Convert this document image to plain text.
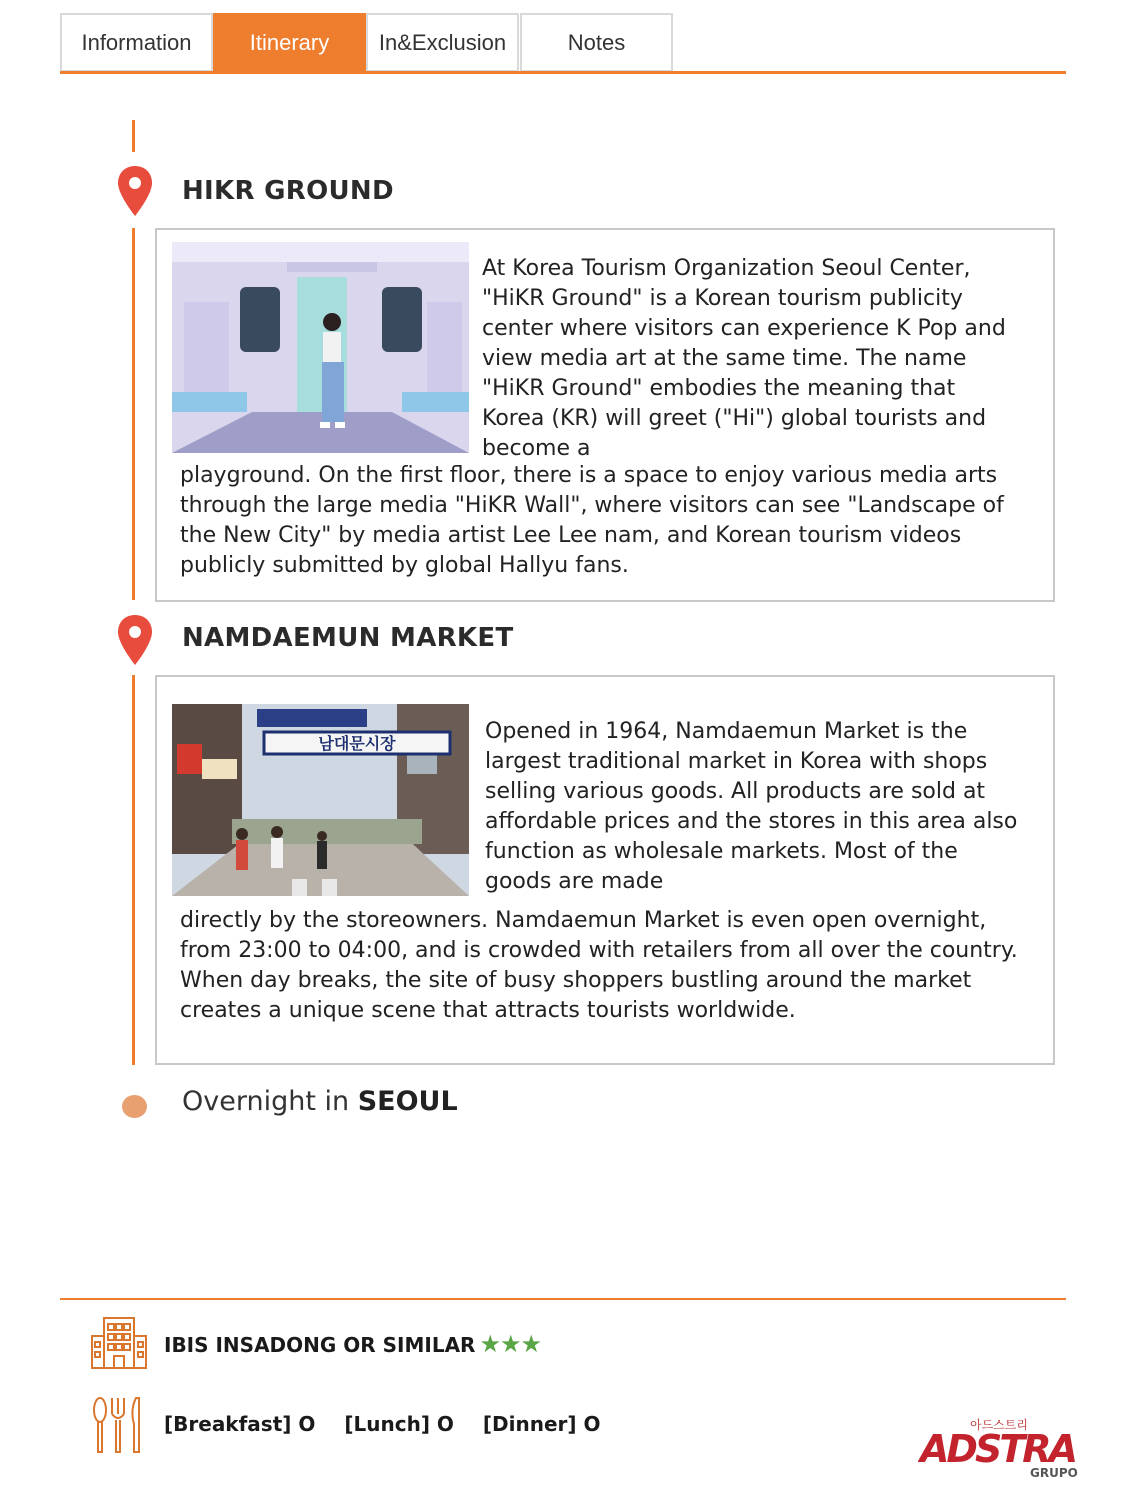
Information	Itinerary	In&Exclusion	Notes
HIKR GROUND

At Korea Tourism Organization Seoul Center, "HiKR Ground" is a Korean tourism publicity center where visitors can experience K Pop and view media art at the same time. The name "HiKR Ground" embodies the meaning that Korea (KR) will greet ("Hi") global tourists and become a

playground. On the first floor, there is a space to enjoy various media arts through the large media "HiKR Wall", where visitors can see "Landscape of the New City" by media artist Lee Lee nam, and Korean tourism videos publicly submitted by global Hallyu fans.

NAMDAEMUN MARKET
남대문시장	Opened in 1964, Namdaemun Market is the largest traditional market in Korea with shops selling various goods. All products are sold at affordable prices and the stores in this area also function as wholesale markets. Most of the goods are made

directly by the storeowners. Namdaemun Market is even open overnight, from 23:00 to 04:00, and is crowded with retailers from all over the country. When day breaks, the site of busy shoppers bustling around the market creates a unique scene that attracts tourists worldwide.

Overnight in SEOUL
IBIS INSADONG OR SIMILAR ★★★
[Breakfast] O [Lunch] O [Dinner] O	아드스트리
ADSTRA
GRUPO
